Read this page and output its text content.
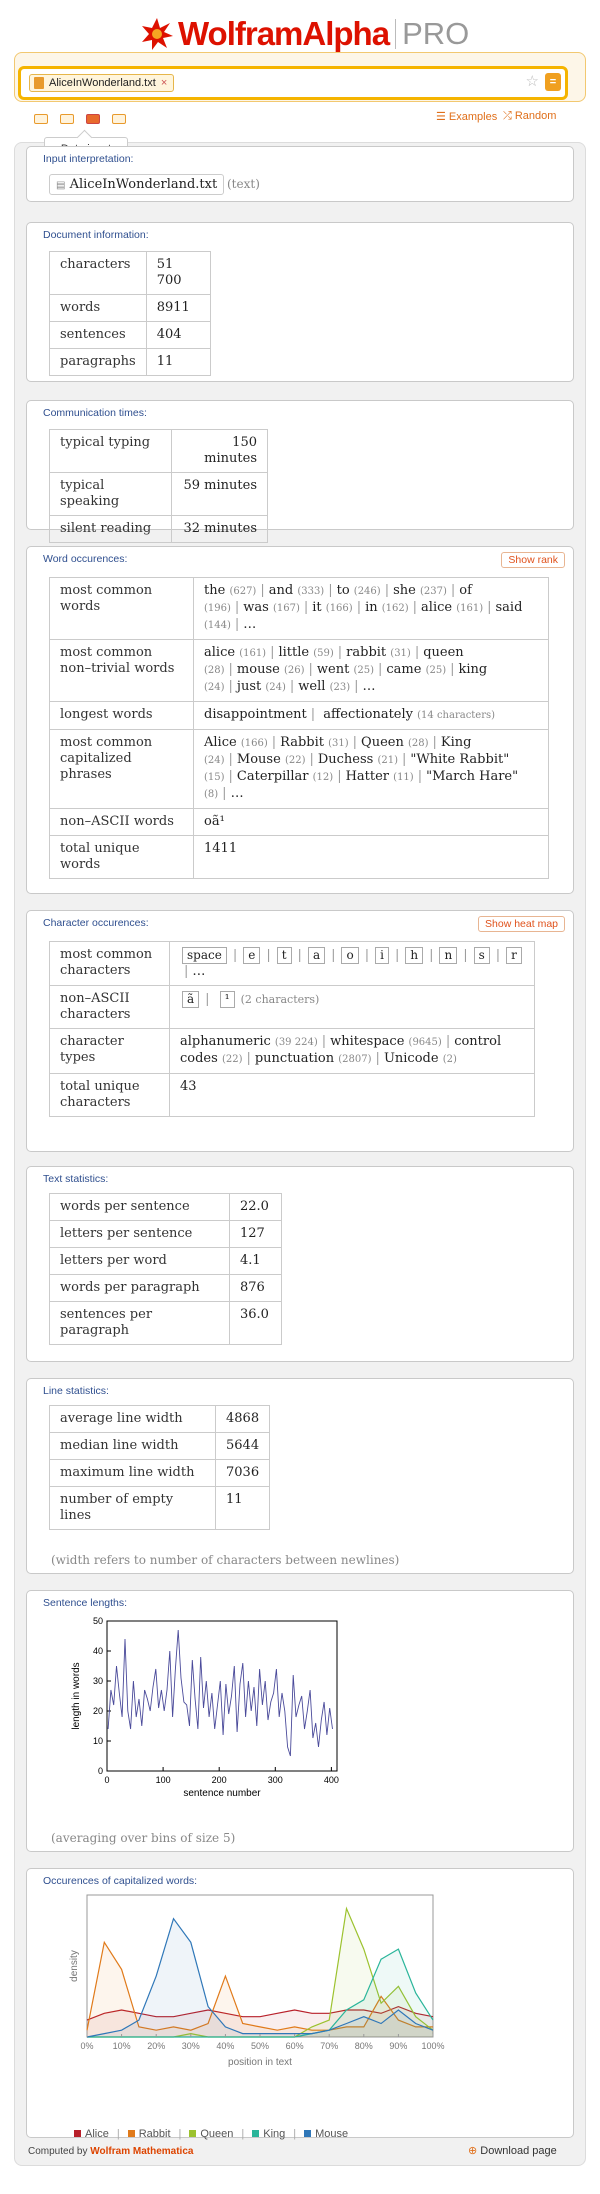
WolframAlpha PRO
AliceInWonderland.txt ×	☆ =
☰ Examples ⤮ Random
Input interpretation:
▤ AliceInWonderland.txt (text)
Document information:
characters	51 700
words	8911
sentences	404
paragraphs	11
Communication times:
typical typing	150 minutes
typical speaking	59 minutes
silent reading	32 minutes
Word occurences:	Show rank
most common words	the (627) | and (333) | to (246) | she (237) | of (196) | was (167) | it (166) | in (162) | alice (161) | said (144) | …
most common non–trivial words	alice (161) | little (59) | rabbit (31) | queen (28) | mouse (26) | went (25) | came (25) | king (24) | just (24) | well (23) | …
longest words	disappointment | affectionately (14 characters)
most common capitalized phrases	Alice (166) | Rabbit (31) | Queen (28) | King (24) | Mouse (22) | Duchess (21) | "White Rabbit" (15) | Caterpillar (12) | Hatter (11) | "March Hare" (8) | …
non–ASCII words	oã¹
total unique words	1411
Character occurences:	Show heat map
most common characters	space | e | t | a | o | i | h | n | s | r| …
non–ASCII characters	ã | ¹ (2 characters)
character types	alphanumeric (39 224) | whitespace (9645) | control codes (22) | punctuation (2807) | Unicode (2)
total unique characters	43
Text statistics:
words per sentence	22.0
letters per sentence	127
letters per word	4.1
words per paragraph	876
sentences per paragraph	36.0
Line statistics:
average line width	4868
median line width	5644
maximum line width	7036
number of empty lines	11
(width refers to number of characters between newlines)
Sentence lengths:
0
10
20
30
40
50
0	100	200	300	400
sentence number
length in words
(averaging over bins of size 5)
Occurences of capitalized words:
0% 10% 20% 30% 40% 50% 60% 70% 80% 90% 100%
position in text
density
Alice |	Rabbit |	Queen |	King |	Mouse
Computed by Wolfram Mathematica	⊕ Download page
